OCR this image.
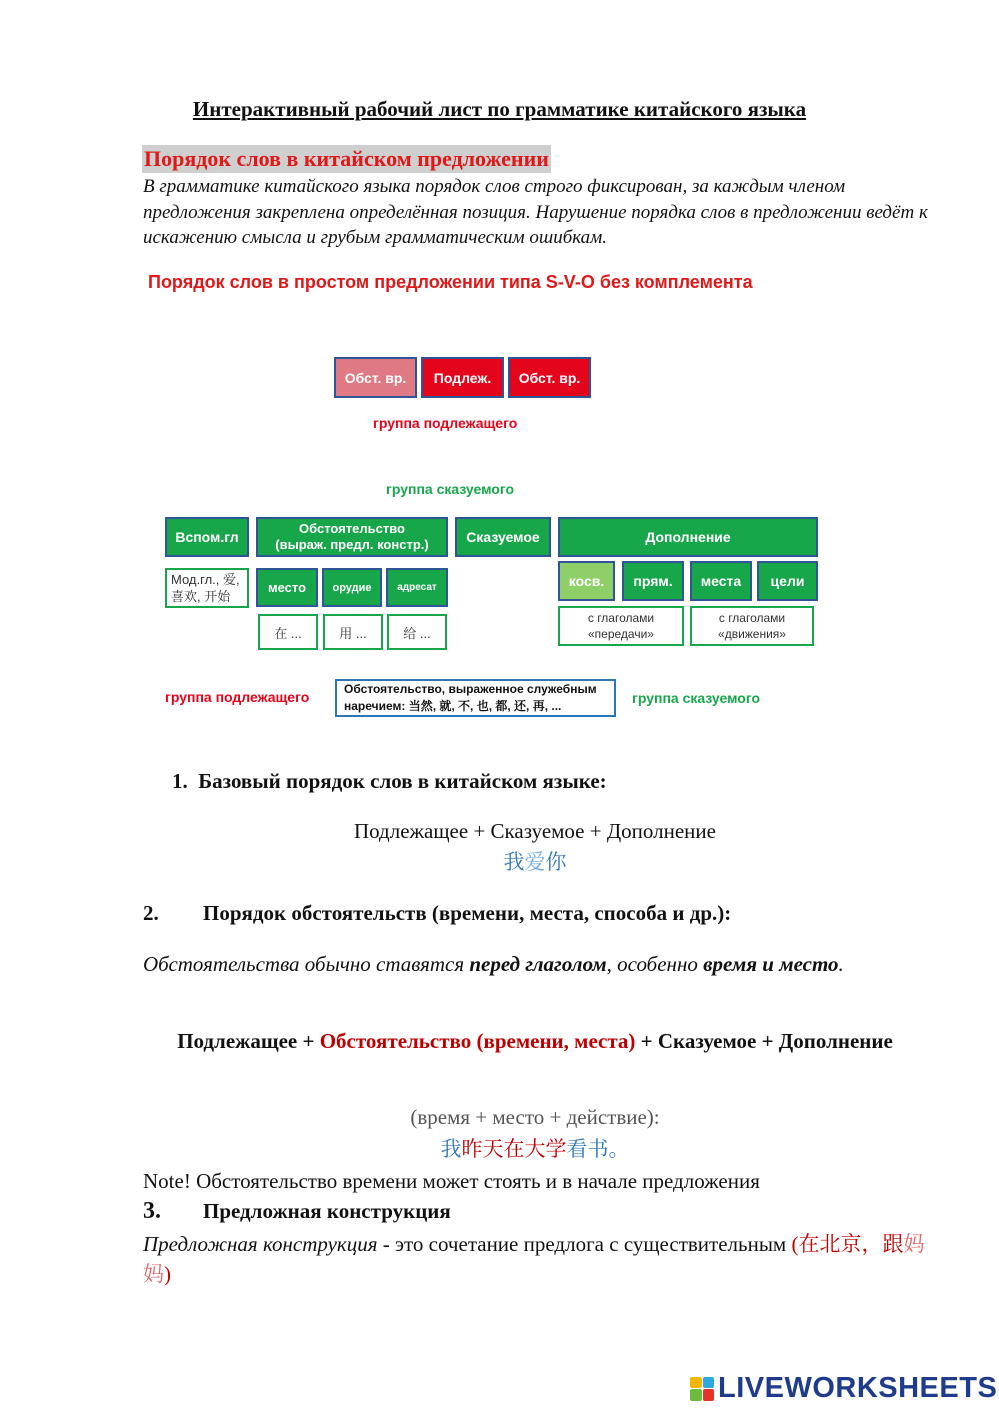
Интерактивный рабочий лист по грамматике китайского языка
Порядок слов в китайском предложении
В грамматике китайского языка порядок слов строго фиксирован, за каждым членом предложения закреплена определённая позиция. Нарушение порядка слов в предложении ведёт к искажению смысла и грубым грамматическим ошибкам.
Порядок слов в простом предложении типа S-V-O без комплемента
Обст. вр.	Подлеж.	Обст. вр.
группа подлежащего
группа сказуемого
Вспом.гл
Обстоятельство
(выраж. предл. констр.)	Сказуемое	Дополнение
Мод.гл., 爱, 喜欢, 开始
место	орудие	адресат
在 ...	用 ...	给 ...
косв.	прям.	места	цели
с глаголами «передачи»
с глаголами «движения»
группа подлежащего	Обстоятельство, выраженное служебным
наречием: 当然, 就, 不, 也, 都, 还, 再, ...	группа сказуемого
1. Базовый порядок слов в китайском языке:
Подлежащее + Сказуемое + Дополнение
我爱你
2. Порядок обстоятельств (времени, места, способа и др.):
Обстоятельства обычно ставятся перед глаголом, особенно время и место.
Подлежащее + Обстоятельство (времени, места) + Сказуемое + Дополнение
(время + место + действие):
我昨天在大学看书。
Note! Обстоятельство времени может стоять и в начале предложения
3. Предложная конструкция
Предложная конструкция - это сочетание предлога с существительным (在北京，跟妈妈)
LIVEWORKSHEETS
